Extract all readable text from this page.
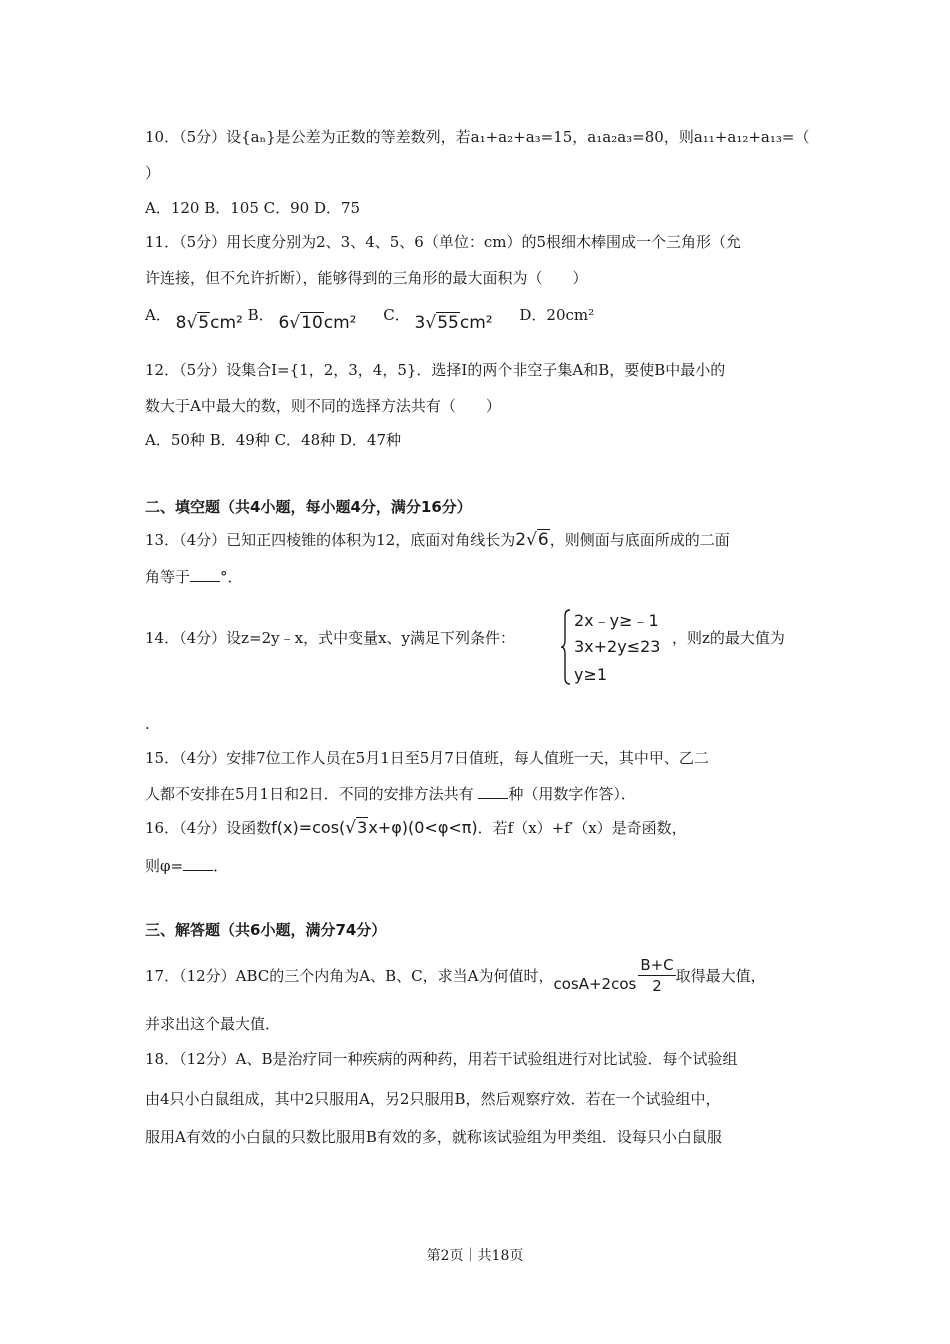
10．（5分）设{aₙ}是公差为正数的等差数列，若a₁+a₂+a₃=15，a₁a₂a₃=80，则a₁₁+a₁₂+a₁₃=（
）
A．120 B．105 C．90 D．75
11．（5分）用长度分别为2、3、4、5、6（单位：cm）的5根细木棒围成一个三角形（允
许连接，但不允许折断），能够得到的三角形的最大面积为（　　）
A． 8√5cm² B． 6√10cm² C． 3√55cm² D．20cm²
12．（5分）设集合I={1，2，3，4，5}．选择I的两个非空子集A和B，要使B中最小的
数大于A中最大的数，则不同的选择方法共有（　　）
A．50种 B．49种 C．48种 D．47种
二、填空题（共4小题，每小题4分，满分16分）
13．（4分）已知正四棱锥的体积为12，底面对角线长为2√6，则侧面与底面所成的二面
角等于 °．
14．（4分）设z=2y﹣x，式中变量x、y满足下列条件：
2x﹣y≥﹣1
3x+2y≤23
y≥1
，则z的最大值为
.
15．（4分）安排7位工作人员在5月1日至5月7日值班，每人值班一天，其中甲、乙二
人都不安排在5月1日和2日．不同的安排方法共有 种（用数字作答）．
16．（4分）设函数f(x)=cos(√3x+φ)(0<φ<π)．若f（x）+f′（x）是奇函数，
则φ= ．
三、解答题（共6小题，满分74分）
17．（12分）ABC的三个内角为A、B、C，求当A为何值时，$\cos A+2\cos \frac{B+C}{2}$ 取得最大值，
并求出这个最大值．
18．（12分）A、B是治疗同一种疾病的两种药，用若干试验组进行对比试验．每个试验组
由4只小白鼠组成，其中2只服用A，另2只服用B，然后观察疗效．若在一个试验组中，
服用A有效的小白鼠的只数比服用B有效的多，就称该试验组为甲类组．设每只小白鼠服
第2页｜共18页
